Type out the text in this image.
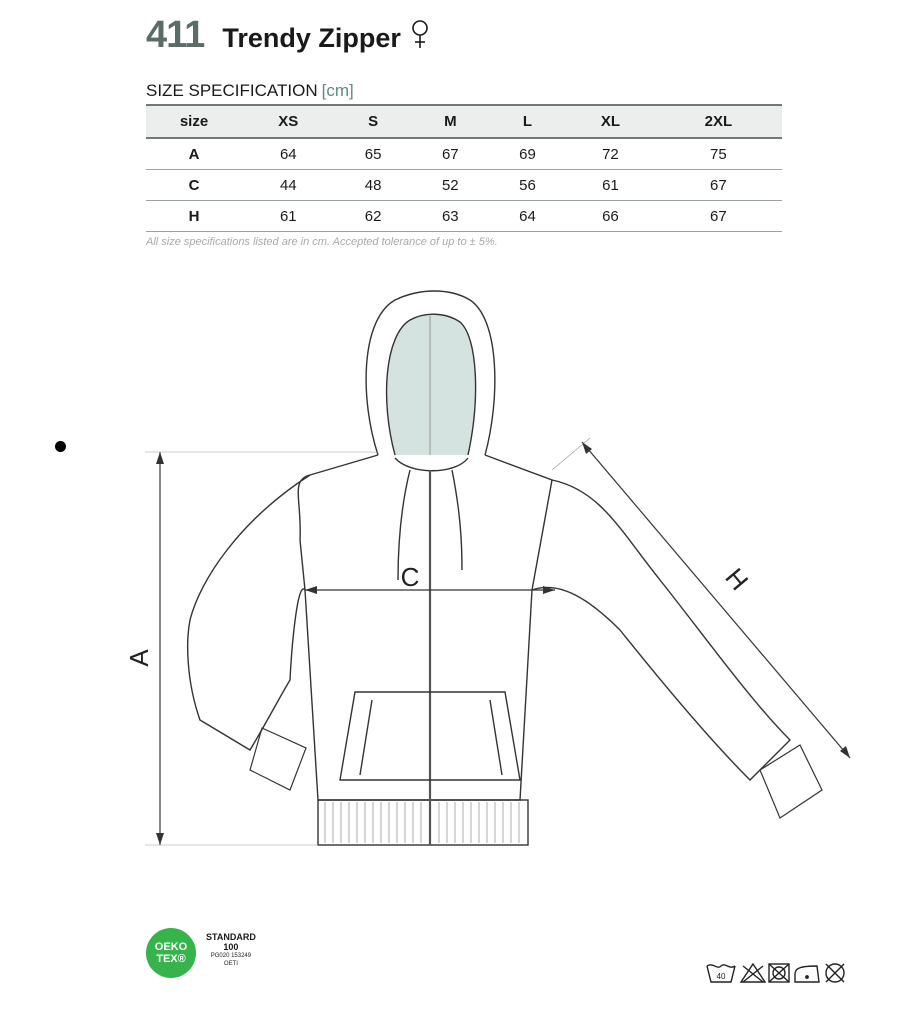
411 Trendy Zipper
SIZE SPECIFICATION [cm]
size	XS	S	M	L	XL	2XL
A	64	65	67	69	72	75
C	44	48	52	56	61	67
H	61	62	63	64	66	67
All size specifications listed are in cm. Accepted tolerance of up to ± 5%.
A
C	H
OEKO
TEX®
STANDARD
100
PG020 153249
OETI
40
